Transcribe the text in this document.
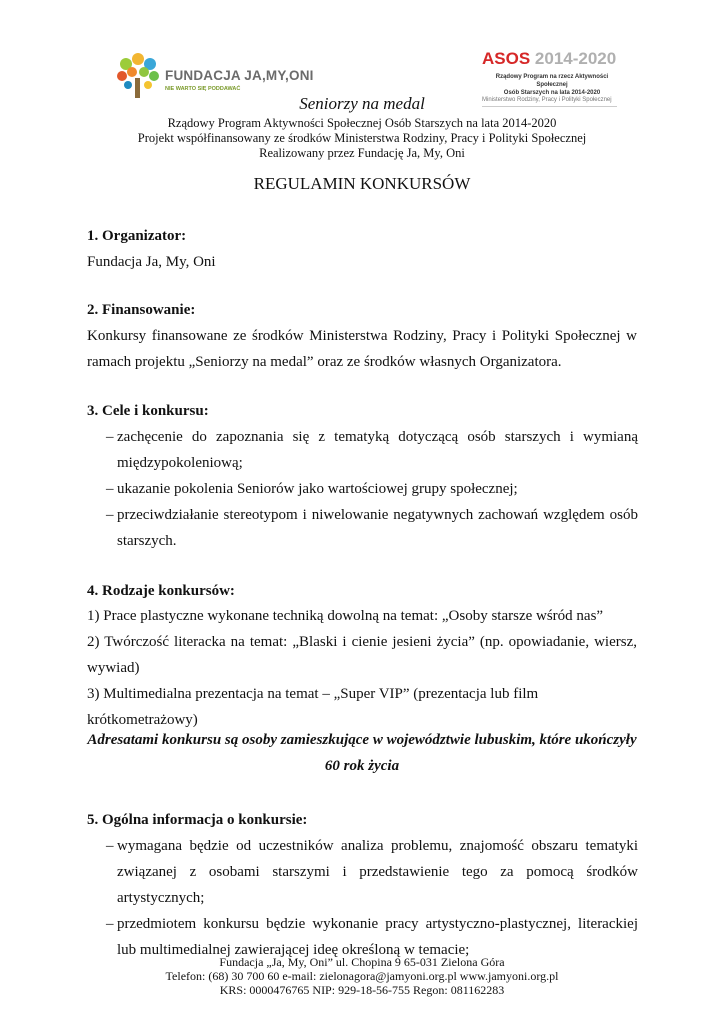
FUNDACJA JA,MY,ONI
NIE WARTO SIĘ PODDAWAĆ
ASOS 2014-2020
Rządowy Program na rzecz Aktywności Społecznej
Osób Starszych na lata 2014-2020
Ministerstwo Rodziny, Pracy i Polityki Społecznej
Seniorzy na medal
Rządowy Program Aktywności Społecznej Osób Starszych na lata 2014-2020
Projekt współfinansowany ze środków Ministerstwa Rodziny, Pracy i Polityki Społecznej
Realizowany przez Fundację Ja, My, Oni
REGULAMIN KONKURSÓW
1. Organizator:
Fundacja Ja, My, Oni
2. Finansowanie:
Konkursy finansowane ze środków Ministerstwa Rodziny, Pracy i Polityki Społecznej w
ramach projektu „Seniorzy na medal” oraz ze środków własnych Organizatora.
3. Cele i konkursu:
– zachęcenie do zapoznania się z tematyką dotyczącą osób starszych i wymianą
międzypokoleniową;
– ukazanie pokolenia Seniorów jako wartościowej grupy społecznej;
– przeciwdziałanie stereotypom i niwelowanie negatywnych zachowań względem osób
starszych.
4. Rodzaje konkursów:
1) Prace plastyczne wykonane techniką dowolną na temat: „Osoby starsze wśród nas”
2) Twórczość literacka na temat: „Blaski i cienie jesieni życia” (np. opowiadanie, wiersz,
wywiad)
3) Multimedialna prezentacja na temat – „Super VIP” (prezentacja lub film krótkometrażowy)
Adresatami konkursu są osoby zamieszkujące w województwie lubuskim, które ukończyły
60 rok życia
5. Ogólna informacja o konkursie:
– wymagana będzie od uczestników analiza problemu, znajomość obszaru tematyki
związanej z osobami starszymi i przedstawienie tego za pomocą środków
artystycznych;
– przedmiotem konkursu będzie wykonanie pracy artystyczno-plastycznej, literackiej
lub multimedialnej zawierającej ideę określoną w temacie;
Fundacja „Ja, My, Oni” ul. Chopina 9 65-031 Zielona Góra
Telefon: (68) 30 700 60 e-mail: zielonagora@jamyoni.org.pl www.jamyoni.org.pl
KRS: 0000476765 NIP: 929-18-56-755 Regon: 081162283
